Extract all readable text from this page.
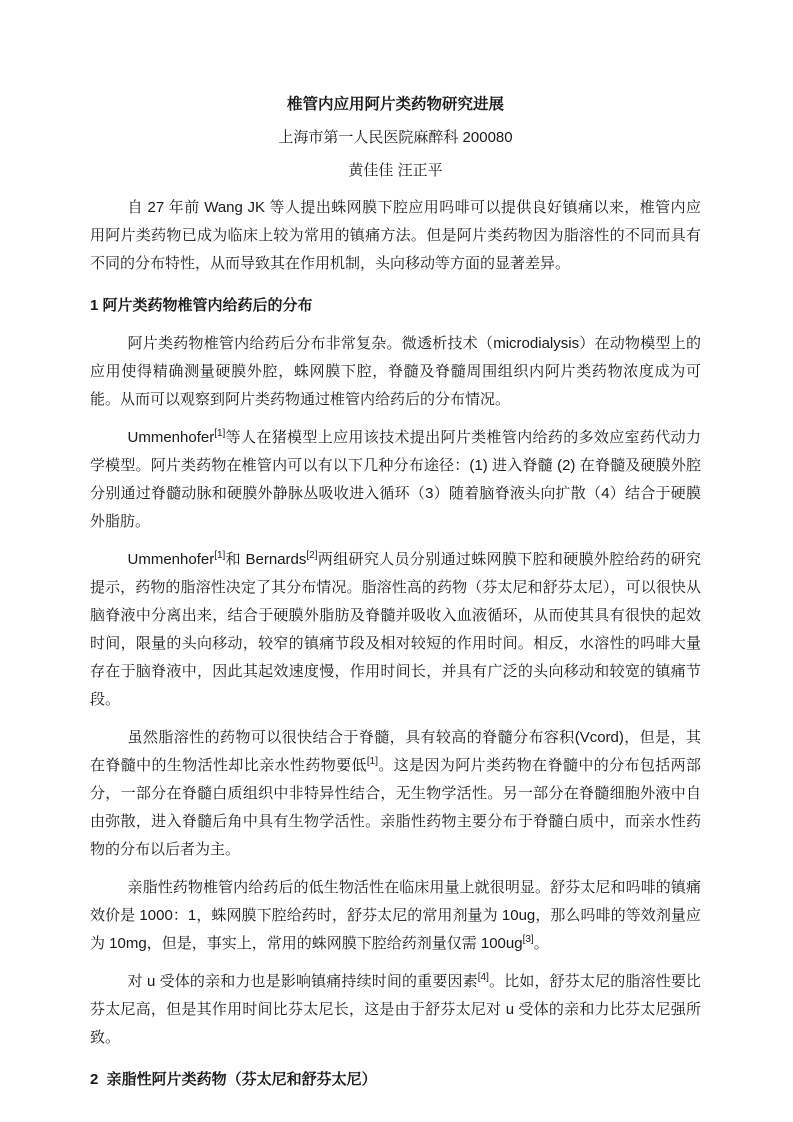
椎管内应用阿片类药物研究进展
上海市第一人民医院麻醉科 200080
黄佳佳 汪正平

自 27 年前 Wang JK 等人提出蛛网膜下腔应用吗啡可以提供良好镇痛以来，椎管内应用阿片类药物已成为临床上较为常用的镇痛方法。但是阿片类药物因为脂溶性的不同而具有不同的分布特性，从而导致其在作用机制，头向移动等方面的显著差异。

1 阿片类药物椎管内给药后的分布

阿片类药物椎管内给药后分布非常复杂。微透析技术（microdialysis）在动物模型上的应用使得精确测量硬膜外腔，蛛网膜下腔，脊髓及脊髓周围组织内阿片类药物浓度成为可能。从而可以观察到阿片类药物通过椎管内给药后的分布情况。

Ummenhofer[1]等人在猪模型上应用该技术提出阿片类椎管内给药的多效应室药代动力学模型。阿片类药物在椎管内可以有以下几种分布途径：(1) 进入脊髓 (2) 在脊髓及硬膜外腔分别通过脊髓动脉和硬膜外静脉丛吸收进入循环（3）随着脑脊液头向扩散（4）结合于硬膜外脂肪。

Ummenhofer[1]和 Bernards[2]两组研究人员分别通过蛛网膜下腔和硬膜外腔给药的研究提示，药物的脂溶性决定了其分布情况。脂溶性高的药物（芬太尼和舒芬太尼），可以很快从脑脊液中分离出来，结合于硬膜外脂肪及脊髓并吸收入血液循环，从而使其具有很快的起效时间，限量的头向移动，较窄的镇痛节段及相对较短的作用时间。相反，水溶性的吗啡大量存在于脑脊液中，因此其起效速度慢，作用时间长，并具有广泛的头向移动和较宽的镇痛节段。

虽然脂溶性的药物可以很快结合于脊髓，具有较高的脊髓分布容积(Vcord)，但是，其在脊髓中的生物活性却比亲水性药物要低[1]。这是因为阿片类药物在脊髓中的分布包括两部分，一部分在脊髓白质组织中非特异性结合，无生物学活性。另一部分在脊髓细胞外液中自由弥散，进入脊髓后角中具有生物学活性。亲脂性药物主要分布于脊髓白质中，而亲水性药物的分布以后者为主。

亲脂性药物椎管内给药后的低生物活性在临床用量上就很明显。舒芬太尼和吗啡的镇痛效价是 1000：1，蛛网膜下腔给药时，舒芬太尼的常用剂量为 10ug，那么吗啡的等效剂量应为 10mg，但是，事实上，常用的蛛网膜下腔给药剂量仅需 100ug[3]。

对 u 受体的亲和力也是影响镇痛持续时间的重要因素[4]。比如，舒芬太尼的脂溶性要比芬太尼高，但是其作用时间比芬太尼长，这是由于舒芬太尼对 u 受体的亲和力比芬太尼强所致。

2  亲脂性阿片类药物（芬太尼和舒芬太尼）
